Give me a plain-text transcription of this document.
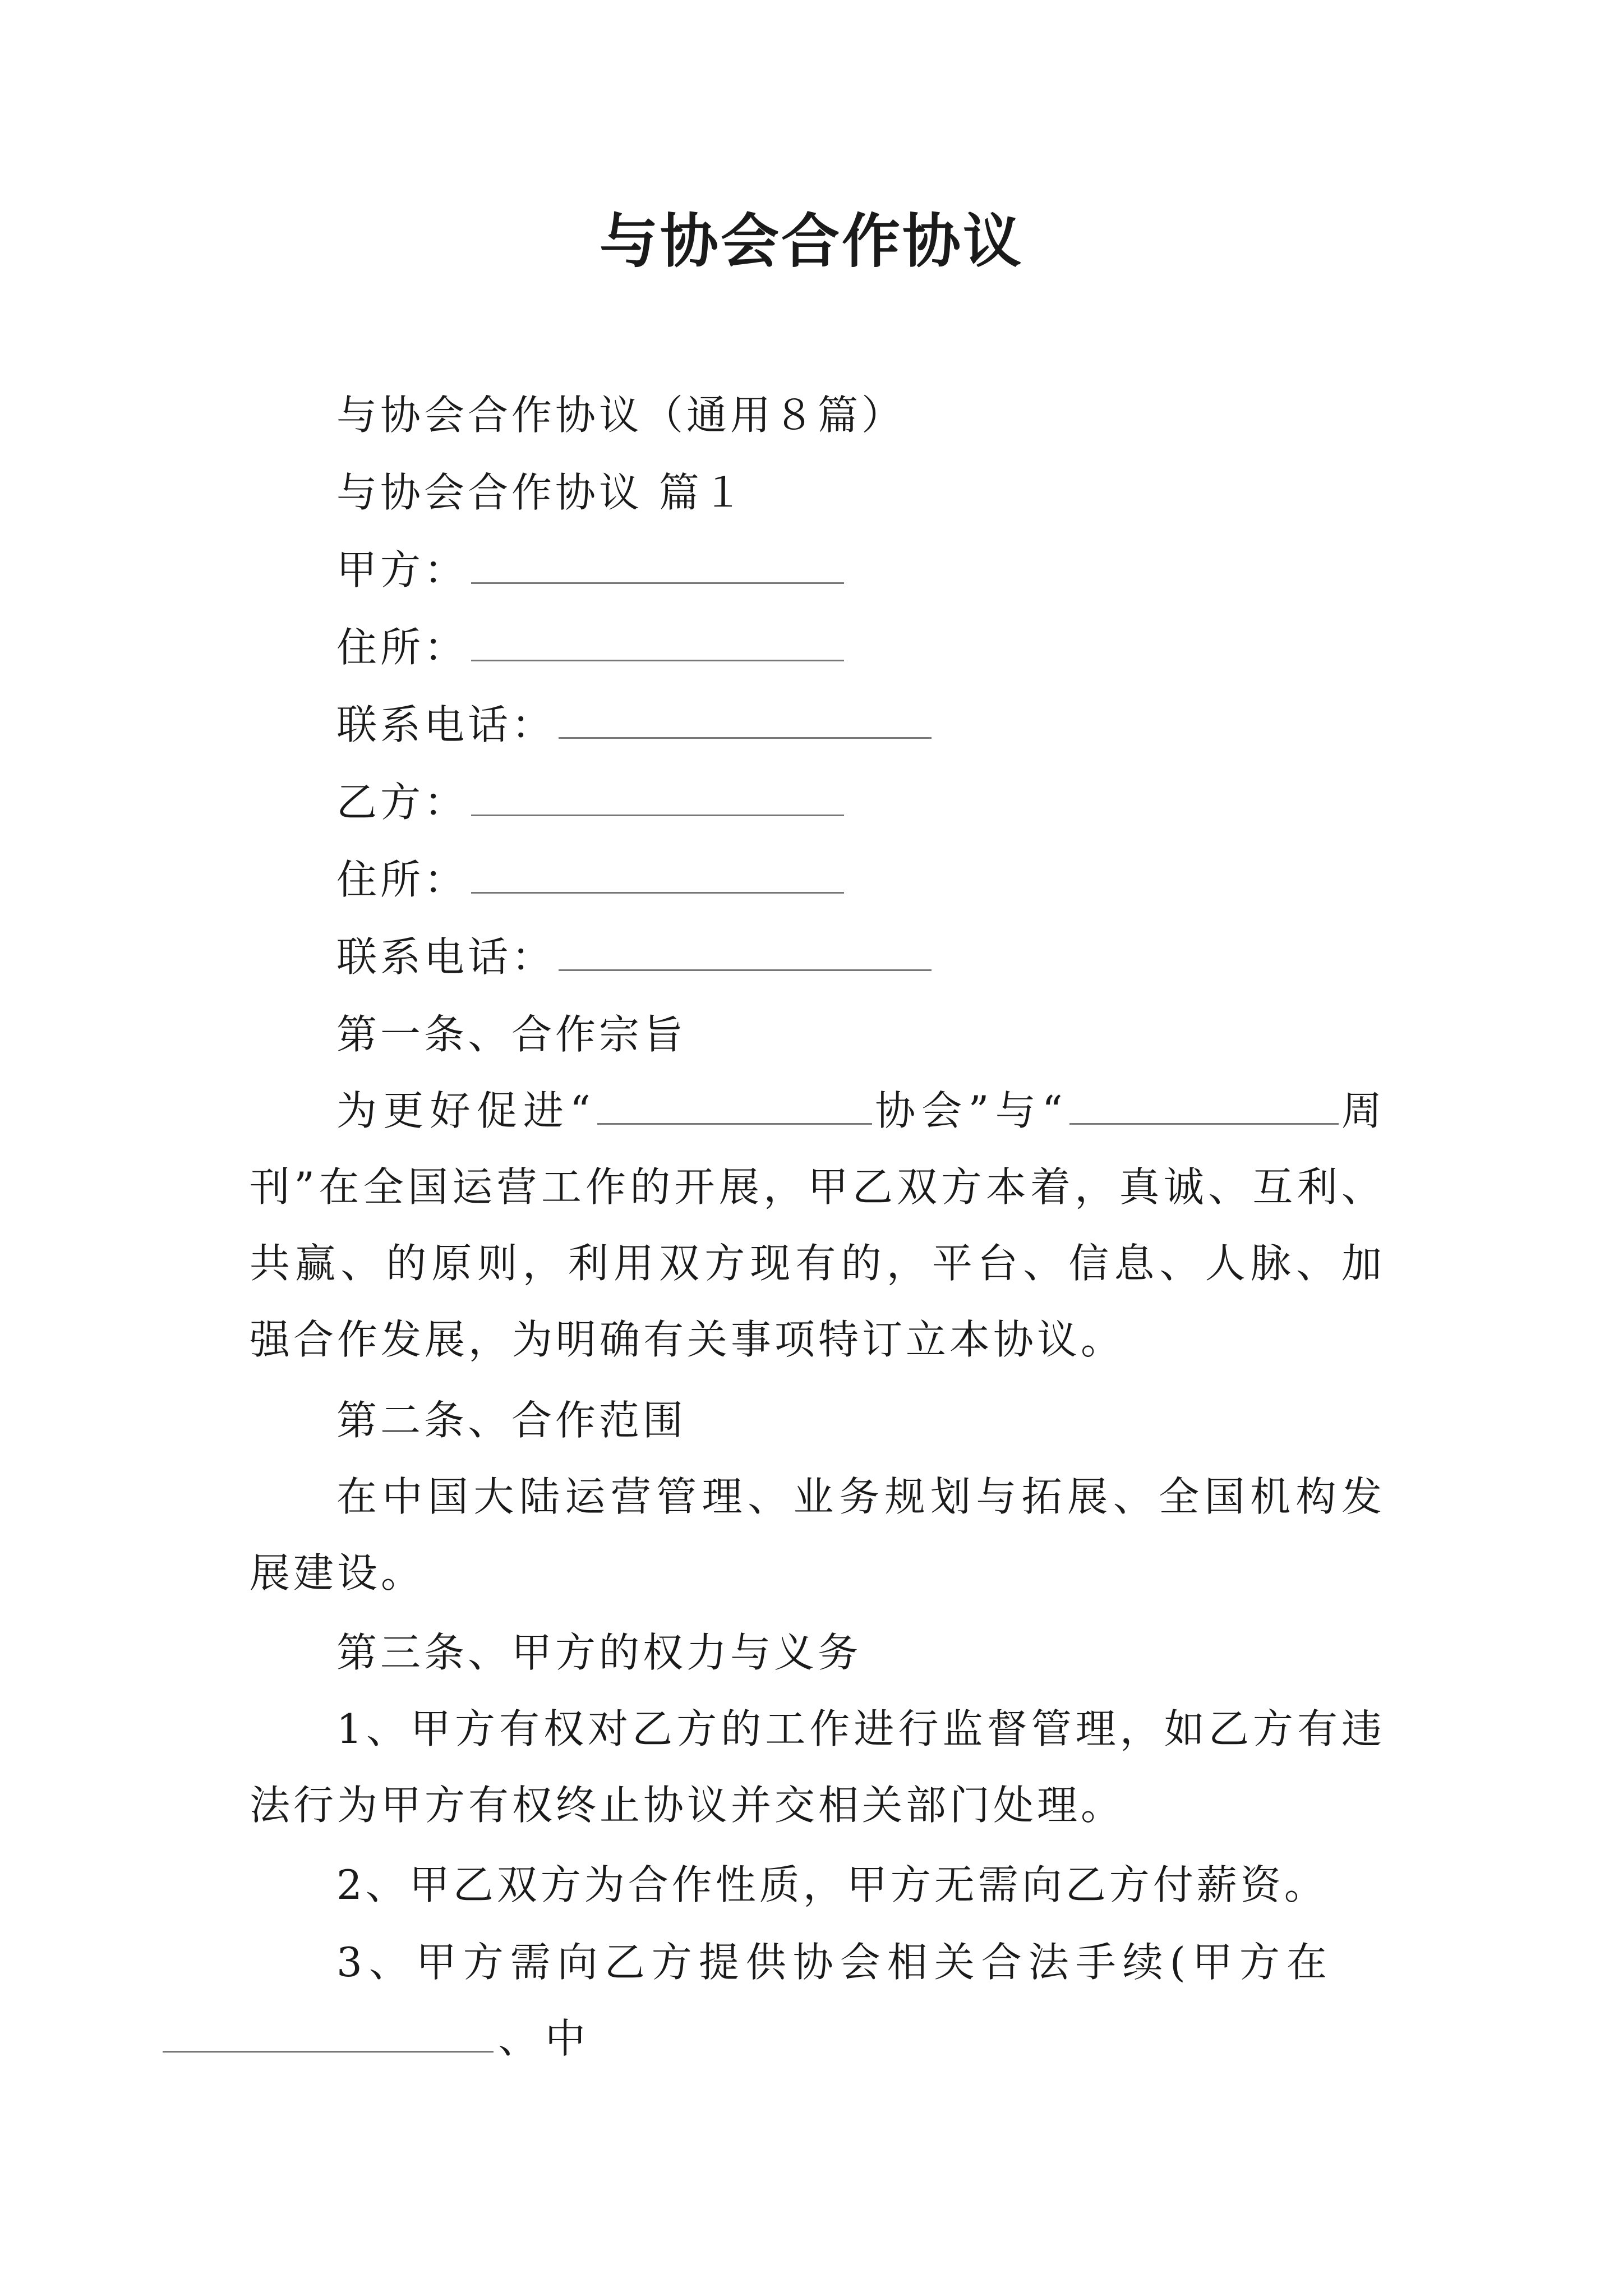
与协会合作协议
与协会合作协议（通用８篇）
与协会合作协议 篇１
甲方：
住所：
联系电话：
乙方：
住所：
联系电话：
第一条、合作宗旨
为更好促进“	协会”与“	周刊”在全国运营工作的开展，甲乙双方本着，真诚、互利、共赢、的原则，利用双方现有的，平台、信息、人脉、加强合作发展，为明确有关事项特订立本协议。
第二条、合作范围
在中国大陆运营管理、业务规划与拓展、全国机构发展建设。
第三条、甲方的权力与义务
1、甲方有权对乙方的工作进行监督管理，如乙方有违法行为甲方有权终止协议并交相关部门处理。
2、甲乙双方为合作性质，甲方无需向乙方付薪资。
3、甲方需向乙方提供协会相关合法手续(甲方在
、中
